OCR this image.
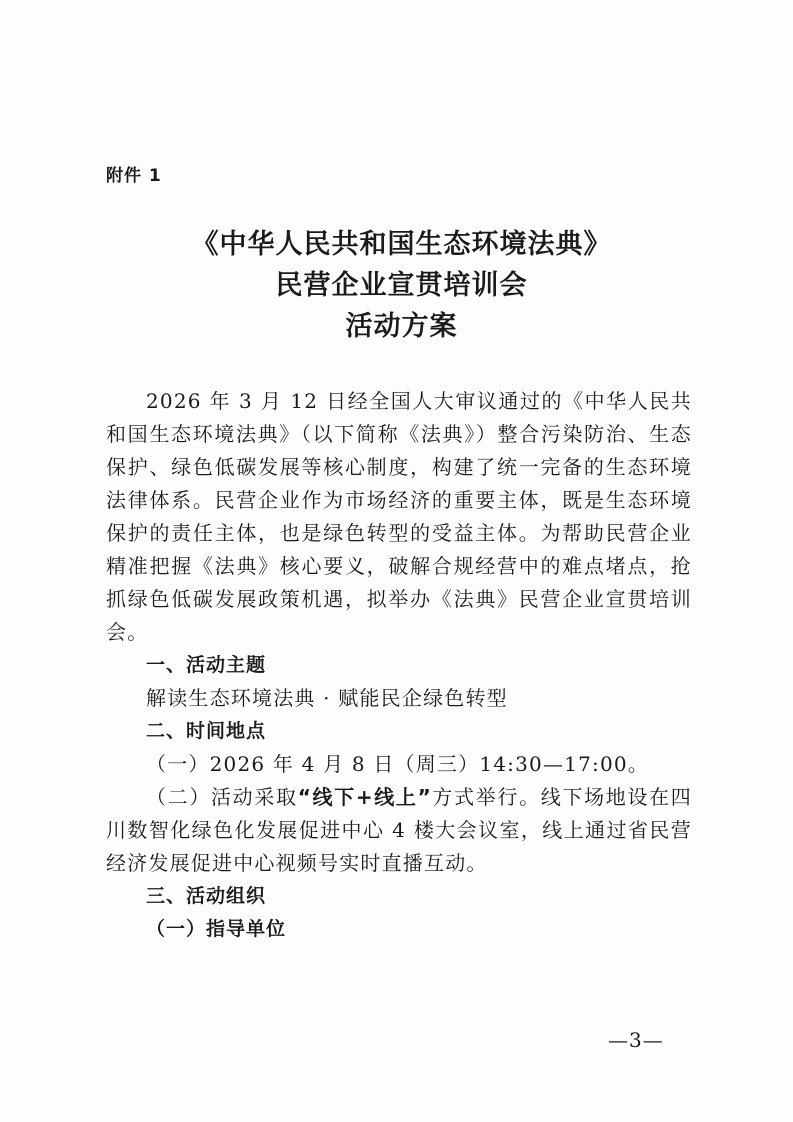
附件 1
《中华人民共和国生态环境法典》
民营企业宣贯培训会
活动方案

2026 年 3 月 12 日经全国人大审议通过的《中华人民共和国生态环境法典》（以下简称《法典》）整合污染防治、生态保护、绿色低碳发展等核心制度，构建了统一完备的生态环境法律体系。民营企业作为市场经济的重要主体，既是生态环境保护的责任主体，也是绿色转型的受益主体。为帮助民营企业精准把握《法典》核心要义，破解合规经营中的难点堵点，抢抓绿色低碳发展政策机遇，拟举办《法典》民营企业宣贯培训会。

一、活动主题

解读生态环境法典 · 赋能民企绿色转型

二、时间地点

（一）2026 年 4 月 8 日（周三）14:30—17:00。

（二）活动采取“线下+线上”方式举行。线下场地设在四川数智化绿色化发展促进中心 4 楼大会议室，线上通过省民营经济发展促进中心视频号实时直播互动。

三、活动组织

（一）指导单位

—3—
